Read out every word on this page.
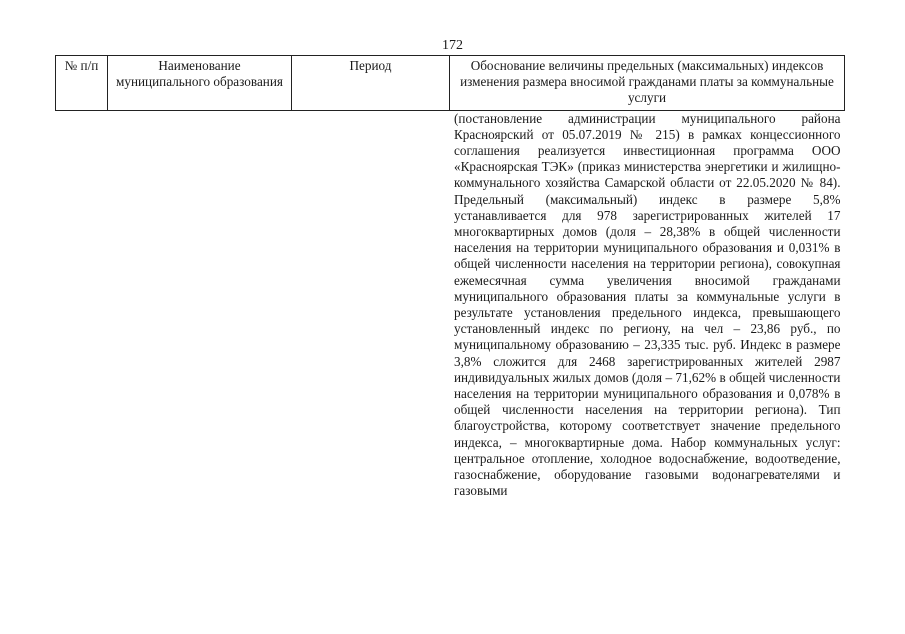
172
№ п/п	Наименование муниципального образования	Период	Обоснование величины предельных (максимальных) индексов изменения размера вносимой гражданами платы за коммунальные услуги

			(постановление администрации муниципального района Красноярский от 05.07.2019 № 215) в рамках концессионного соглашения реализуется инвестиционная программа ООО «Красноярская ТЭК» (приказ министерства энергетики и жилищно-коммунального хозяйства Самарской области от 22.05.2020 № 84). Предельный (максимальный) индекс в размере 5,8% устанавливается для 978 зарегистрированных жителей 17 многоквартирных домов (доля – 28,38% в общей численности населения на территории муниципального образования и 0,031% в общей численности населения на территории региона), совокупная ежемесячная сумма увеличения вносимой гражданами муниципального образования платы за коммунальные услуги в результате установления предельного индекса, превышающего установленный индекс по региону, на чел – 23,86 руб., по муниципальному образованию – 23,335 тыс. руб. Индекс в размере 3,8% сложится для 2468 зарегистрированных жителей 2987 индивидуальных жилых домов (доля – 71,62% в общей численности населения на территории муниципального образования и 0,078% в общей численности населения на территории региона). Тип благоустройства, которому соответствует значение предельного индекса, – многоквартирные дома. Набор коммунальных услуг: центральное отопление, холодное водоснабжение, водоотведение, газоснабжение, оборудование газовыми водонагревателями и газовыми
